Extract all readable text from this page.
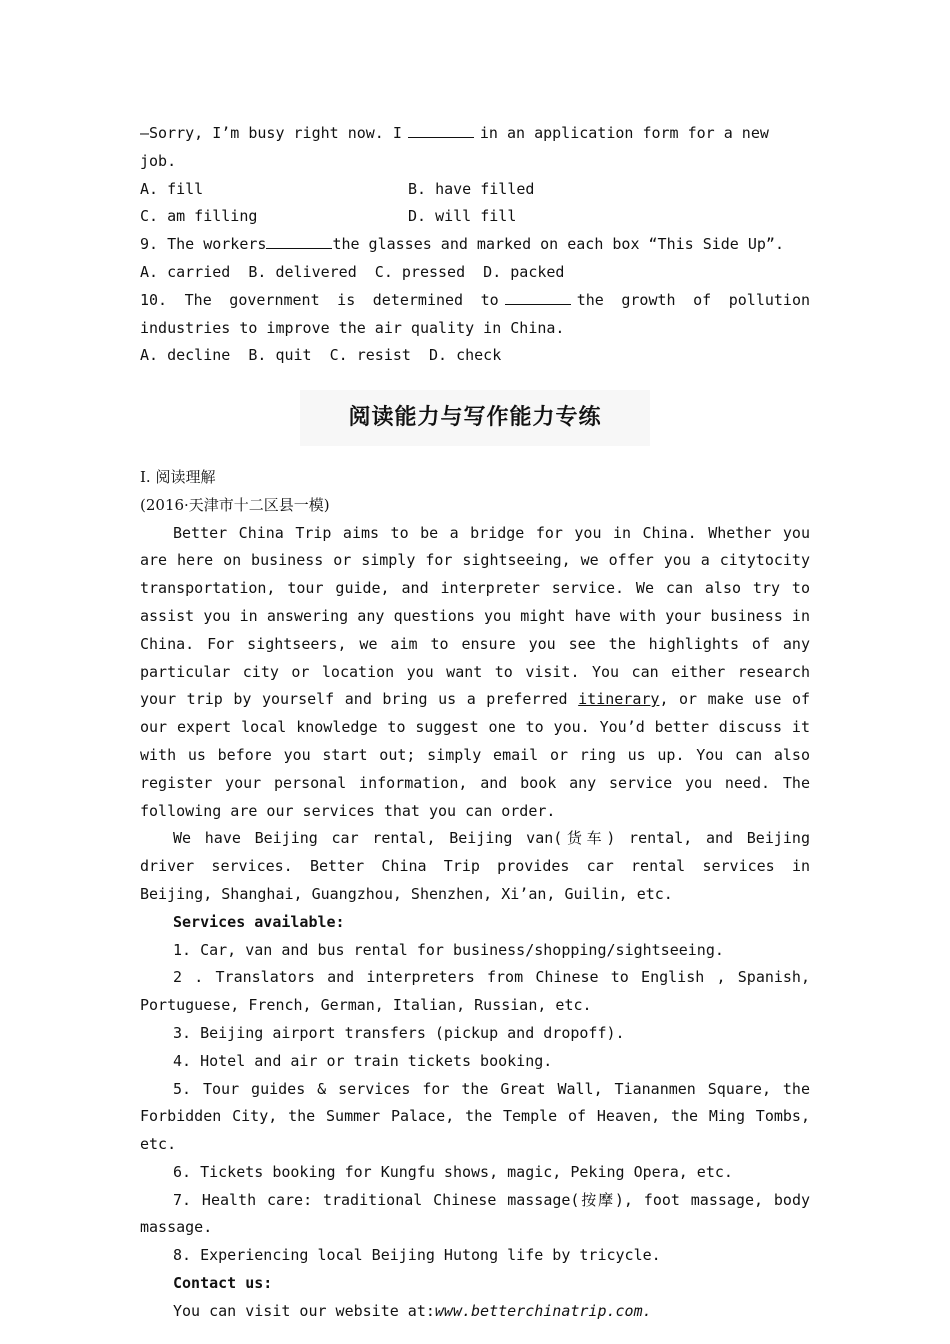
—Sorry, I’m busy right now. I	in an application form for a new job.
A. fill	B. have filled
C. am filling	D. will fill
9. The workers	the glasses and marked on each box “This Side Up”.
A. carried  B. delivered  C. pressed  D. packed
10. The government is determined to	the growth of pollution industries to improve the air quality in China.
A. decline  B. quit  C. resist  D. check
阅读能力与写作能力专练
Ⅰ. 阅读理解
(2016·天津市十二区县一模)
Better China Trip aims to be a bridge for you in China. Whether you are here on business or simply for sightseeing, we offer you a citytocity transportation, tour guide, and interpreter service. We can also try to assist you in answering any questions you might have with your business in China. For sightseers, we aim to ensure you see the highlights of any particular city or location you want to visit. You can either research your trip by yourself and bring us a preferred itinerary, or make use of our expert local knowledge to suggest one to you. You’d better discuss it with us before you start out; simply email or ring us up. You can also register your personal information, and book any service you need. The following are our services that you can order.
We have Beijing car rental, Beijing van(货车) rental, and Beijing driver services. Better China Trip provides car rental services in Beijing, Shanghai, Guangzhou, Shenzhen, Xi’an, Guilin, etc.
Services available:
1. Car, van and bus rental for business/shopping/sightseeing.
2 . Translators and interpreters from Chinese to English , Spanish, Portuguese, French, German, Italian, Russian, etc.
3. Beijing airport transfers (pickup and dropoff).
4. Hotel and air or train tickets booking.
5. Tour guides & services for the Great Wall, Tiananmen Square, the Forbidden City, the Summer Palace, the Temple of Heaven, the Ming Tombs, etc.
6. Tickets booking for Kungfu shows, magic, Peking Opera, etc.
7. Health care: traditional Chinese massage(按摩), foot massage, body massage.
8. Experiencing local Beijing Hutong life by tricycle.
Contact us:
You can visit our website at:www.betterchinatrip.com.
